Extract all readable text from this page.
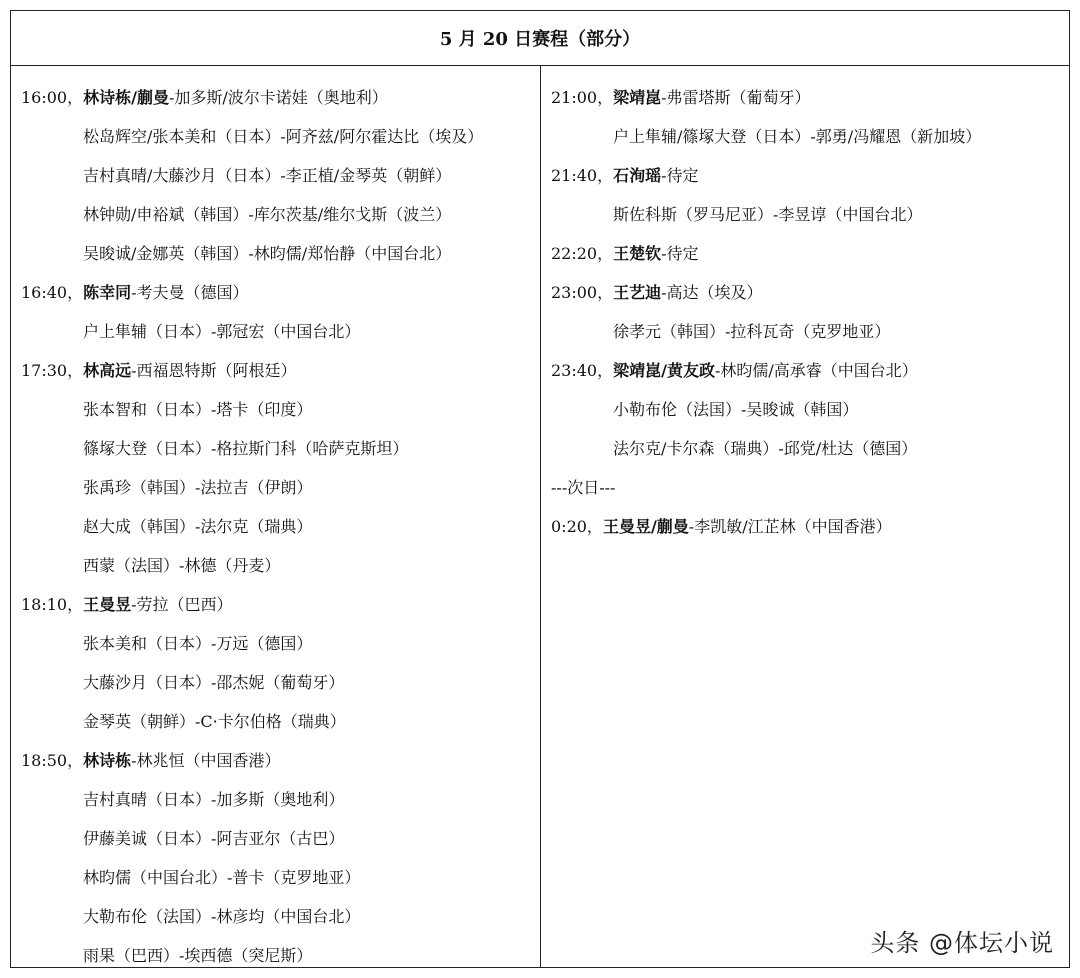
5 月 20 日赛程（部分）
16:00，林诗栋/蒯曼-加多斯/波尔卡诺娃（奥地利）
松岛辉空/张本美和（日本）-阿齐兹/阿尔霍达比（埃及）
吉村真晴/大藤沙月（日本）-李正植/金琴英（朝鲜）
林钟勋/申裕斌（韩国）-库尔茨基/维尔戈斯（波兰）
吴晙诚/金娜英（韩国）-林昀儒/郑怡静（中国台北）
16:40，陈幸同-考夫曼（德国）
户上隼辅（日本）-郭冠宏（中国台北）
17:30，林高远-西福恩特斯（阿根廷）
张本智和（日本）-塔卡（印度）
篠塚大登（日本）-格拉斯门科（哈萨克斯坦）
张禹珍（韩国）-法拉吉（伊朗）
赵大成（韩国）-法尔克（瑞典）
西蒙（法国）-林德（丹麦）
18:10，王曼昱-劳拉（巴西）
张本美和（日本）-万远（德国）
大藤沙月（日本）-邵杰妮（葡萄牙）
金琴英（朝鲜）-C·卡尔伯格（瑞典）
18:50，林诗栋-林兆恒（中国香港）
吉村真晴（日本）-加多斯（奥地利）
伊藤美诚（日本）-阿吉亚尔（古巴）
林昀儒（中国台北）-普卡（克罗地亚）
大勒布伦（法国）-林彦均（中国台北）
雨果（巴西）-埃西德（突尼斯）
21:00，梁靖崑-弗雷塔斯（葡萄牙）
户上隼辅/篠塚大登（日本）-郭勇/冯耀恩（新加坡）
21:40，石洵瑶-待定
斯佐科斯（罗马尼亚）-李昱谆（中国台北）
22:20，王楚钦-待定
23:00，王艺迪-高达（埃及）
徐孝元（韩国）-拉科瓦奇（克罗地亚）
23:40，梁靖崑/黄友政-林昀儒/高承睿（中国台北）
小勒布伦（法国）-吴晙诚（韩国）
法尔克/卡尔森（瑞典）-邱党/杜达（德国）
---次日---
0:20，王曼昱/蒯曼-李凯敏/江芷林（中国香港）
头条 @体坛小说
